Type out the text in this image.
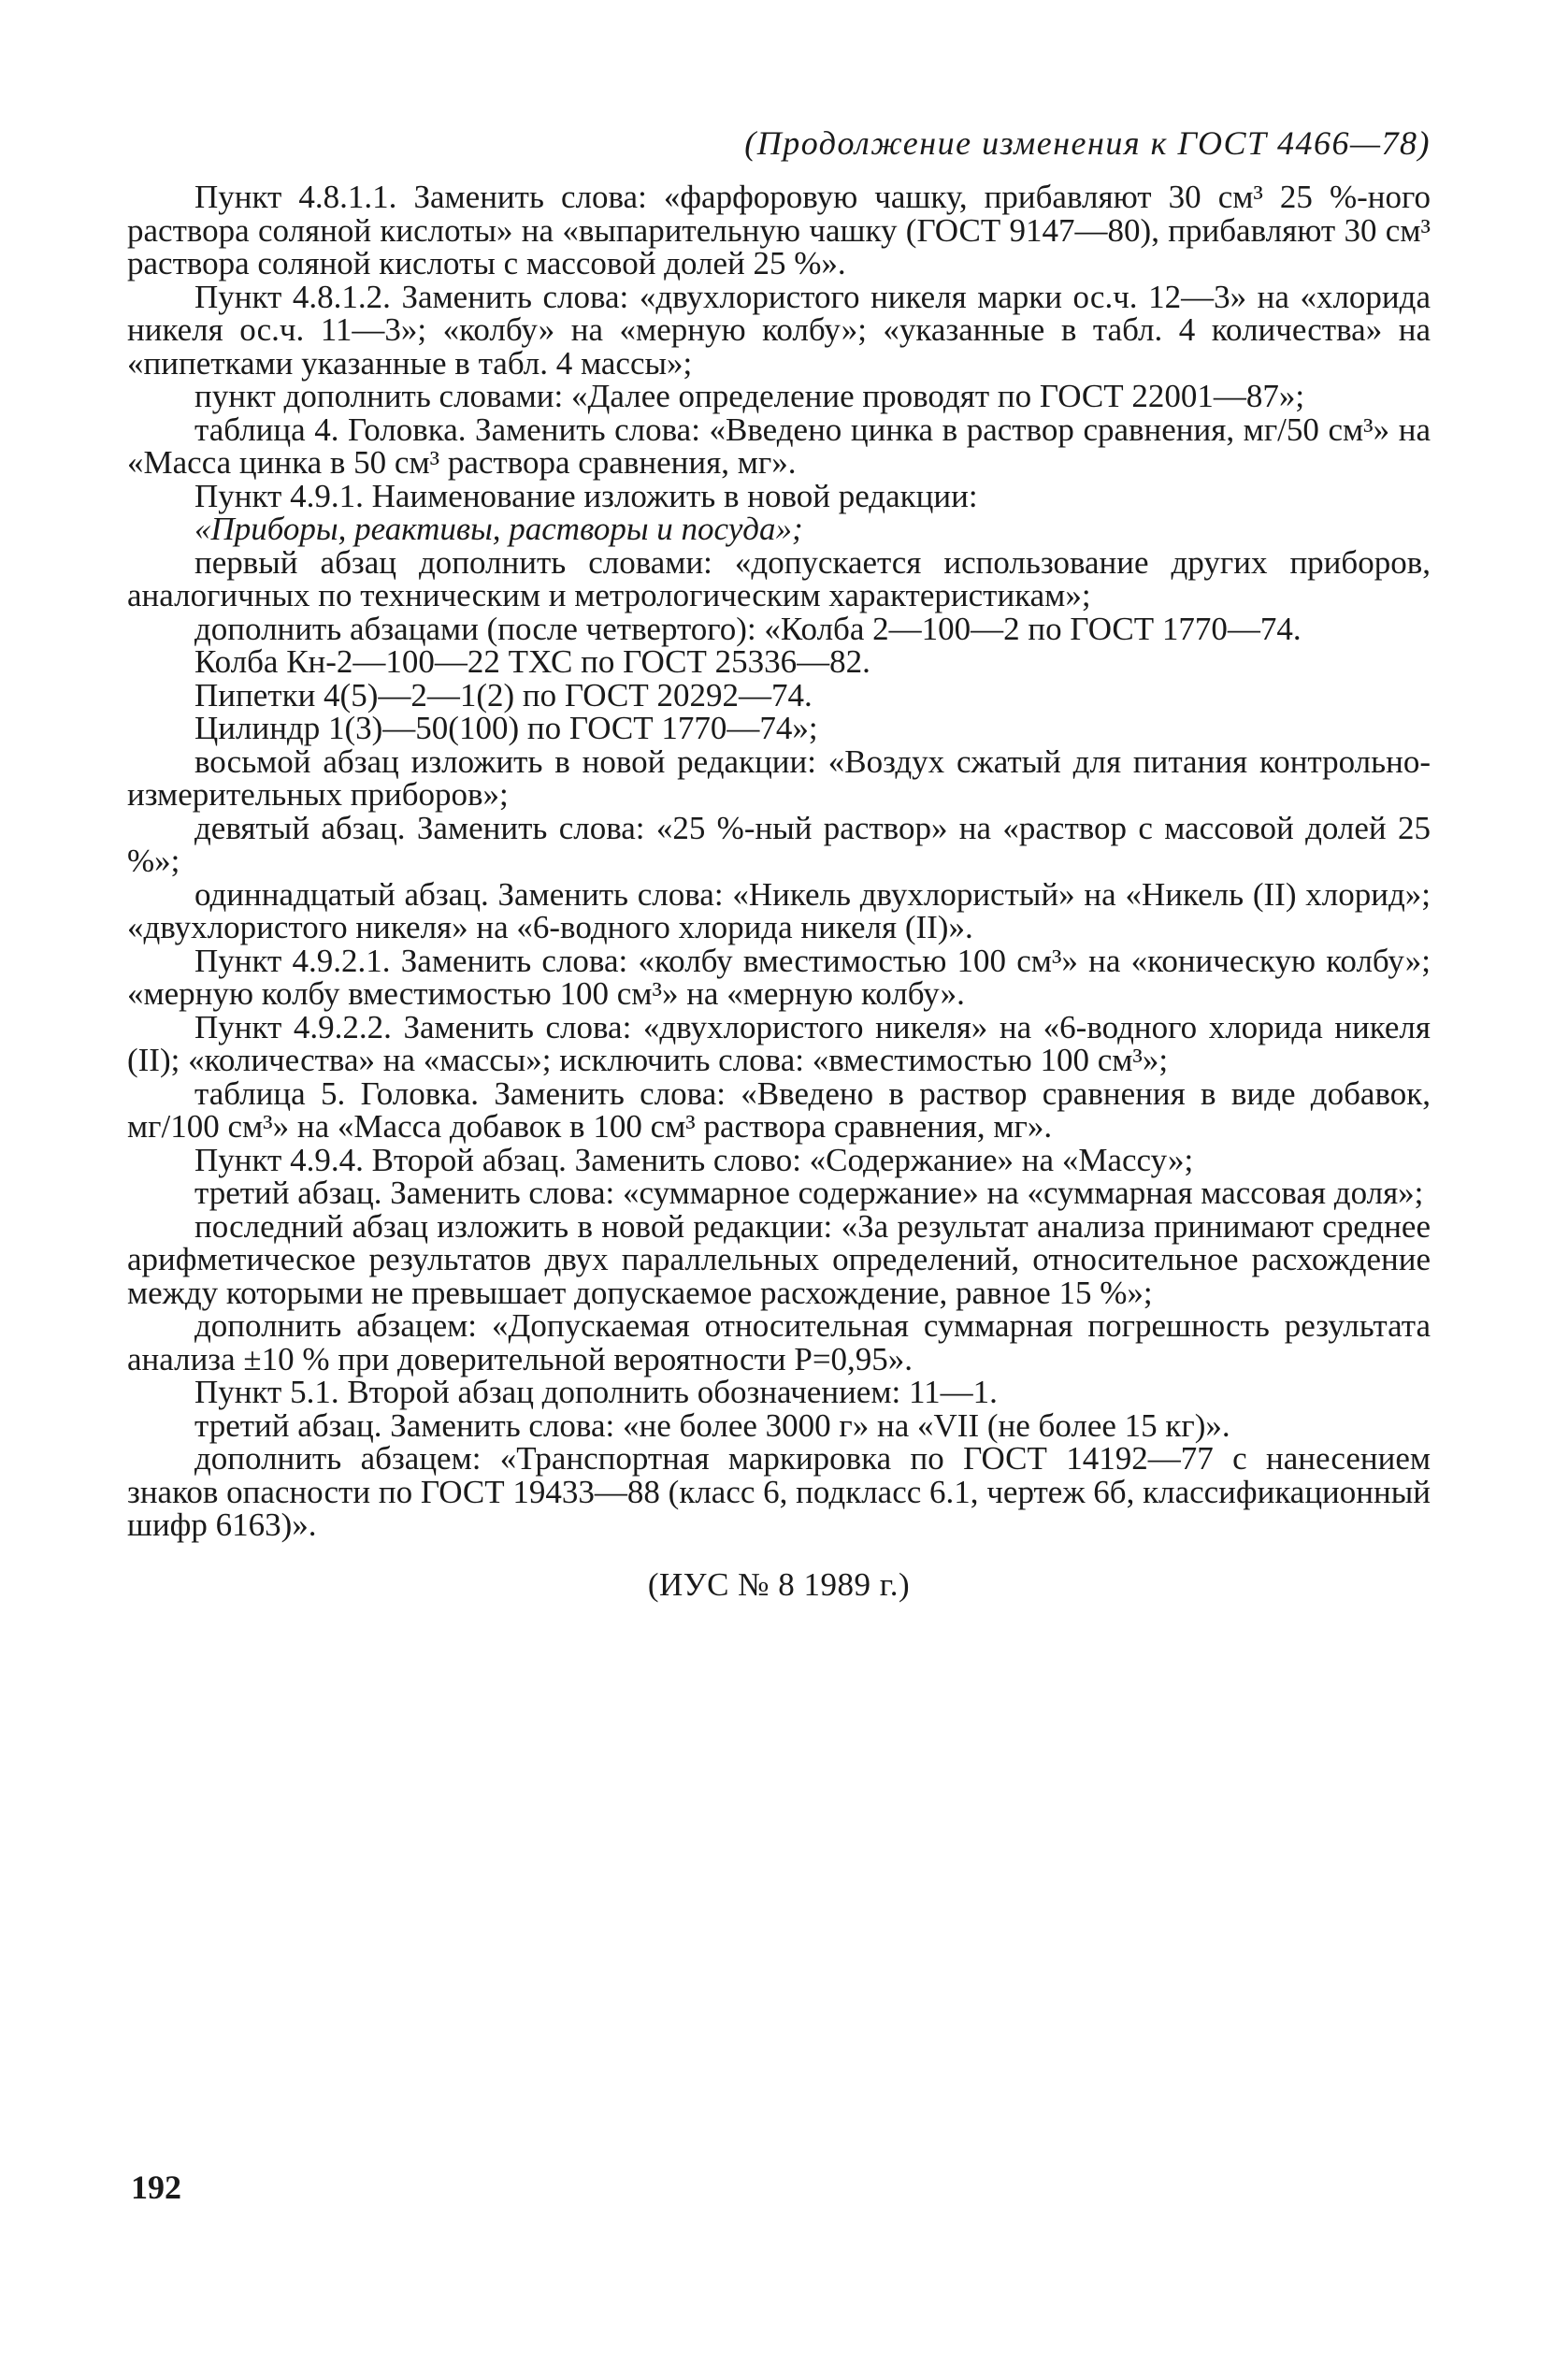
(Продолжение изменения к ГОСТ 4466—78)

Пункт 4.8.1.1. Заменить слова: «фарфоровую чашку, прибавляют 30 см³ 25 %-ного раствора соляной кислоты» на «выпарительную чашку (ГОСТ 9147—80), прибавляют 30 см³ раствора соляной кислоты с массовой долей 25 %».

Пункт 4.8.1.2. Заменить слова: «двухлористого никеля марки ос.ч. 12—3» на «хлорида никеля ос.ч. 11—3»; «колбу» на «мерную колбу»; «указанные в табл. 4 количества» на «пипетками указанные в табл. 4 массы»;

пункт дополнить словами: «Далее определение проводят по ГОСТ 22001—87»;

таблица 4. Головка. Заменить слова: «Введено цинка в раствор сравнения, мг/50 см³» на «Масса цинка в 50 см³ раствора сравнения, мг».

Пункт 4.9.1. Наименование изложить в новой редакции:

«Приборы, реактивы, растворы и посуда»;

первый абзац дополнить словами: «допускается использование других приборов, аналогичных по техническим и метрологическим характеристикам»;

дополнить абзацами (после четвертого): «Колба 2—100—2 по ГОСТ 1770—74.

Колба Кн-2—100—22 ТХС по ГОСТ 25336—82.

Пипетки 4(5)—2—1(2) по ГОСТ 20292—74.

Цилиндр 1(3)—50(100) по ГОСТ 1770—74»;

восьмой абзац изложить в новой редакции: «Воздух сжатый для питания контрольно-измерительных приборов»;

девятый абзац. Заменить слова: «25 %-ный раствор» на «раствор с массовой долей 25 %»;

одиннадцатый абзац. Заменить слова: «Никель двухлористый» на «Никель (II) хлорид»; «двухлористого никеля» на «6-водного хлорида никеля (II)».

Пункт 4.9.2.1. Заменить слова: «колбу вместимостью 100 см³» на «коническую колбу»; «мерную колбу вместимостью 100 см³» на «мерную колбу».

Пункт 4.9.2.2. Заменить слова: «двухлористого никеля» на «6-водного хлорида никеля (II); «количества» на «массы»; исключить слова: «вместимостью 100 см³»;

таблица 5. Головка. Заменить слова: «Введено в раствор сравнения в виде добавок, мг/100 см³» на «Масса добавок в 100 см³ раствора сравнения, мг».

Пункт 4.9.4. Второй абзац. Заменить слово: «Содержание» на «Массу»;

третий абзац. Заменить слова: «суммарное содержание» на «суммарная массовая доля»;

последний абзац изложить в новой редакции: «За результат анализа принимают среднее арифметическое результатов двух параллельных определений, относительное расхождение между которыми не превышает допускаемое расхождение, равное 15 %»;

дополнить абзацем: «Допускаемая относительная суммарная погрешность результата анализа ±10 % при доверительной вероятности P=0,95».

Пункт 5.1. Второй абзац дополнить обозначением: 11—1.

третий абзац. Заменить слова: «не более 3000 г» на «VII (не более 15 кг)».

дополнить абзацем: «Транспортная маркировка по ГОСТ 14192—77 с нанесением знаков опасности по ГОСТ 19433—88 (класс 6, подкласс 6.1, чертеж 6б, классификационный шифр 6163)».

(ИУС № 8 1989 г.)
192
